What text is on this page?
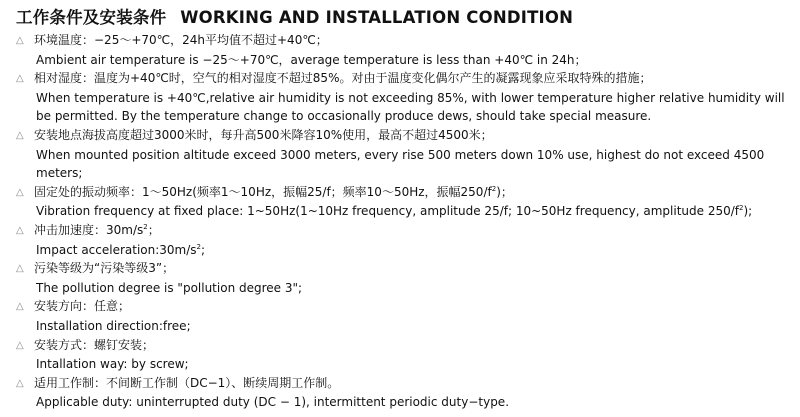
工作条件及安装条件 WORKING AND INSTALLATION CONDITION
△ 环境温度：−25～+70℃，24h平均值不超过+40℃；
Ambient air temperature is −25～+70℃，average temperature is less than +40℃ in 24h；
△ 相对湿度：温度为+40℃时，空气的相对湿度不超过85%。对由于温度变化偶尔产生的凝露现象应采取特殊的措施；
When temperature is +40℃,relative air humidity is not exceeding 85%, with lower temperature higher relative humidity will
be permitted. By the temperature change to occasionally produce dews, should take special measure.
△ 安装地点海拔高度超过3000米时，每升高500米降容10%使用，最高不超过4500米；
When mounted position altitude exceed 3000 meters, every rise 500 meters down 10% use, highest do not exceed 4500
meters;
△ 固定处的振动频率：1～50Hz(频率1～10Hz，振幅25/f；频率10～50Hz，振幅$250/f^2$)；
Vibration frequency at fixed place: 1~50Hz(1~10Hz frequency, amplitude 25/f; 10~50Hz frequency, amplitude $250/f^2$);
△ 冲击加速度：$30m/s^2$；
Impact $acceleration:30m/s^2$;
△ 污染等级为“污染等级3”；
The pollution degree is "pollution degree 3";
△ 安装方向：任意；
Installation direction:free;
△ 安装方式：螺钉安装；
Intallation way: by screw;
△ 适用工作制：不间断工作制（DC−1）、断续周期工作制。
Applicable duty: uninterrupted duty (DC − 1), intermittent periodic duty−type.
